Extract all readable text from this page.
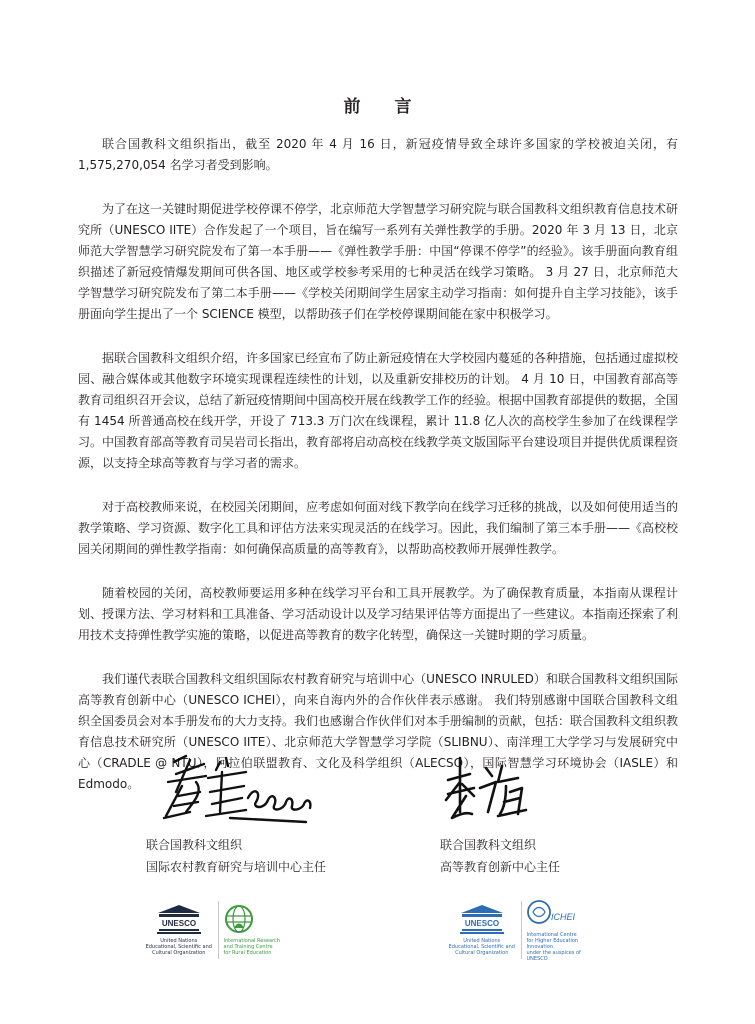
前 言

联合国教科文组织指出，截至 2020 年 4 月 16 日，新冠疫情导致全球许多国家的学校被迫关闭，有 1,575,270,054 名学习者受到影响。

为了在这一关键时期促进学校停课不停学，北京师范大学智慧学习研究院与联合国教科文组织教育信息技术研究所（UNESCO IITE）合作发起了一个项目，旨在编写一系列有关弹性教学的手册。2020 年 3 月 13 日，北京师范大学智慧学习研究院发布了第一本手册——《弹性教学手册：中国“停课不停学”的经验》。该手册面向教育组织描述了新冠疫情爆发期间可供各国、地区或学校参考采用的七种灵活在线学习策略。 3 月 27 日，北京师范大学智慧学习研究院发布了第二本手册——《学校关闭期间学生居家主动学习指南：如何提升自主学习技能》，该手册面向学生提出了一个 SCIENCE 模型，以帮助孩子们在学校停课期间能在家中积极学习。

据联合国教科文组织介绍，许多国家已经宣布了防止新冠疫情在大学校园内蔓延的各种措施，包括通过虚拟校园、融合媒体或其他数字环境实现课程连续性的计划，以及重新安排校历的计划。 4 月 10 日，中国教育部高等教育司组织召开会议，总结了新冠疫情期间中国高校开展在线教学工作的经验。根据中国教育部提供的数据，全国有 1454 所普通高校在线开学，开设了 713.3 万门次在线课程，累计 11.8 亿人次的高校学生参加了在线课程学习。中国教育部高等教育司吴岩司长指出，教育部将启动高校在线教学英文版国际平台建设项目并提供优质课程资源，以支持全球高等教育与学习者的需求。

对于高校教师来说，在校园关闭期间，应考虑如何面对线下教学向在线学习迁移的挑战，以及如何使用适当的教学策略、学习资源、数字化工具和评估方法来实现灵活的在线学习。因此，我们编制了第三本手册——《高校校园关闭期间的弹性教学指南：如何确保高质量的高等教育》，以帮助高校教师开展弹性教学。

随着校园的关闭，高校教师要运用多种在线学习平台和工具开展教学。为了确保教育质量，本指南从课程计划、授课方法、学习材料和工具准备、学习活动设计以及学习结果评估等方面提出了一些建议。本指南还探索了利用技术支持弹性教学实施的策略，以促进高等教育的数字化转型，确保这一关键时期的学习质量。

我们谨代表联合国教科文组织国际农村教育研究与培训中心（UNESCO INRULED）和联合国教科文组织国际高等教育创新中心（UNESCO ICHEI），向来自海内外的合作伙伴表示感谢。 我们特别感谢中国联合国教科文组织全国委员会对本手册发布的大力支持。我们也感谢合作伙伴们对本手册编制的贡献，包括：联合国教科文组织教育信息技术研究所（UNESCO IITE）、北京师范大学智慧学习学院（SLIBNU）、南洋理工大学学习与发展研究中心（CRADLE @ NTU），阿拉伯联盟教育、文化及科学组织（ALECSO），国际智慧学习环境协会（IASLE）和 Edmodo。

联合国教科文组织
国际农村教育研究与培训中心主任
联合国教科文组织
高等教育创新中心主任
UNESCO
United Nations
Educational, Scientific and
Cultural Organization
International Research
and Training Centre
for Rural Education
UNESCO
United Nations
Educational, Scientific and
Cultural Organization
ICHEI
International Centre
for Higher Education Innovation
under the auspices of UNESCO
